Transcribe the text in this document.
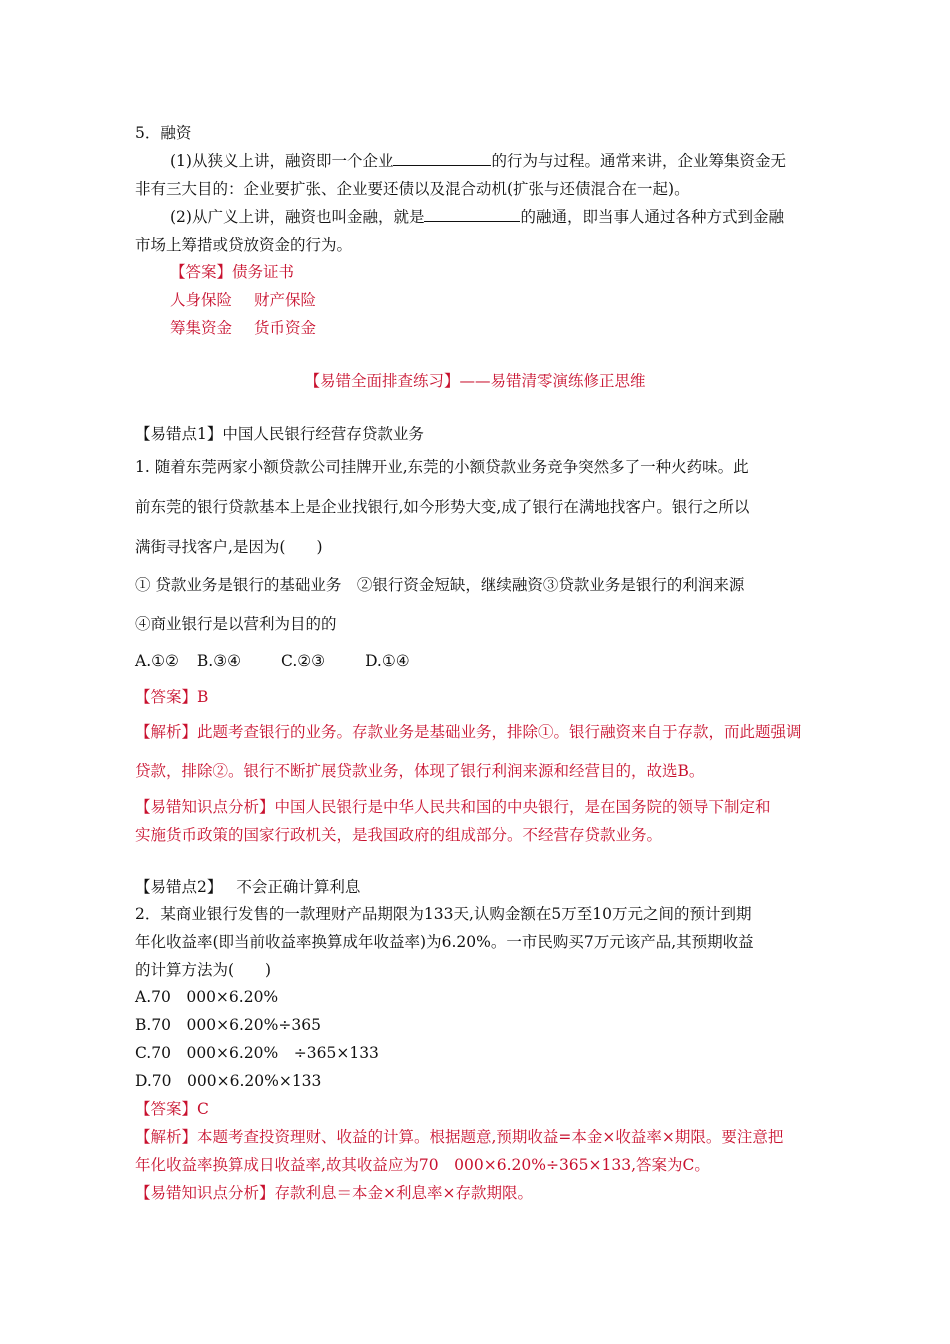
5．融资
(1)从狭义上讲，融资即一个企业	的行为与过程。通常来讲，企业筹集资金无
非有三大目的：企业要扩张、企业要还债以及混合动机(扩张与还债混合在一起)。
(2)从广义上讲，融资也叫金融，就是	的融通，即当事人通过各种方式到金融
市场上筹措或贷放资金的行为。
【答案】债务证书
人身保险 财产保险
筹集资金 货币资金
【易错全面排查练习】——易错清零演练修正思维
【易错点1】中国人民银行经营存贷款业务
1. 随着东莞两家小额贷款公司挂牌开业,东莞的小额贷款业务竞争突然多了一种火药味。此
前东莞的银行贷款基本上是企业找银行,如今形势大变,成了银行在满地找客户。银行之所以
满街寻找客户,是因为(　　)
① 贷款业务是银行的基础业务　②银行资金短缺，继续融资③贷款业务是银行的利润来源
④商业银行是以营利为目的的
A.①② B.③④	C.②③	D.①④
【答案】B
【解析】此题考查银行的业务。存款业务是基础业务，排除①。银行融资来自于存款，而此题强调
贷款，排除②。银行不断扩展贷款业务，体现了银行利润来源和经营目的，故选B。
【易错知识点分析】中国人民银行是中华人民共和国的中央银行，是在国务院的领导下制定和
实施货币政策的国家行政机关，是我国政府的组成部分。不经营存贷款业务。
【易错点2】 不会正确计算利息
2．某商业银行发售的一款理财产品期限为133天,认购金额在5万至10万元之间的预计到期
年化收益率(即当前收益率换算成年收益率)为6.20%。一市民购买7万元该产品,其预期收益
的计算方法为(　　)
A.70　000×6.20%
B.70　000×6.20%÷365
C.70　000×6.20%　÷365×133
D.70　000×6.20%×133
【答案】C
【解析】本题考查投资理财、收益的计算。根据题意,预期收益=本金×收益率×期限。要注意把
年化收益率换算成日收益率,故其收益应为70　000×6.20%÷365×133,答案为C。
【易错知识点分析】存款利息＝本金×利息率×存款期限。
